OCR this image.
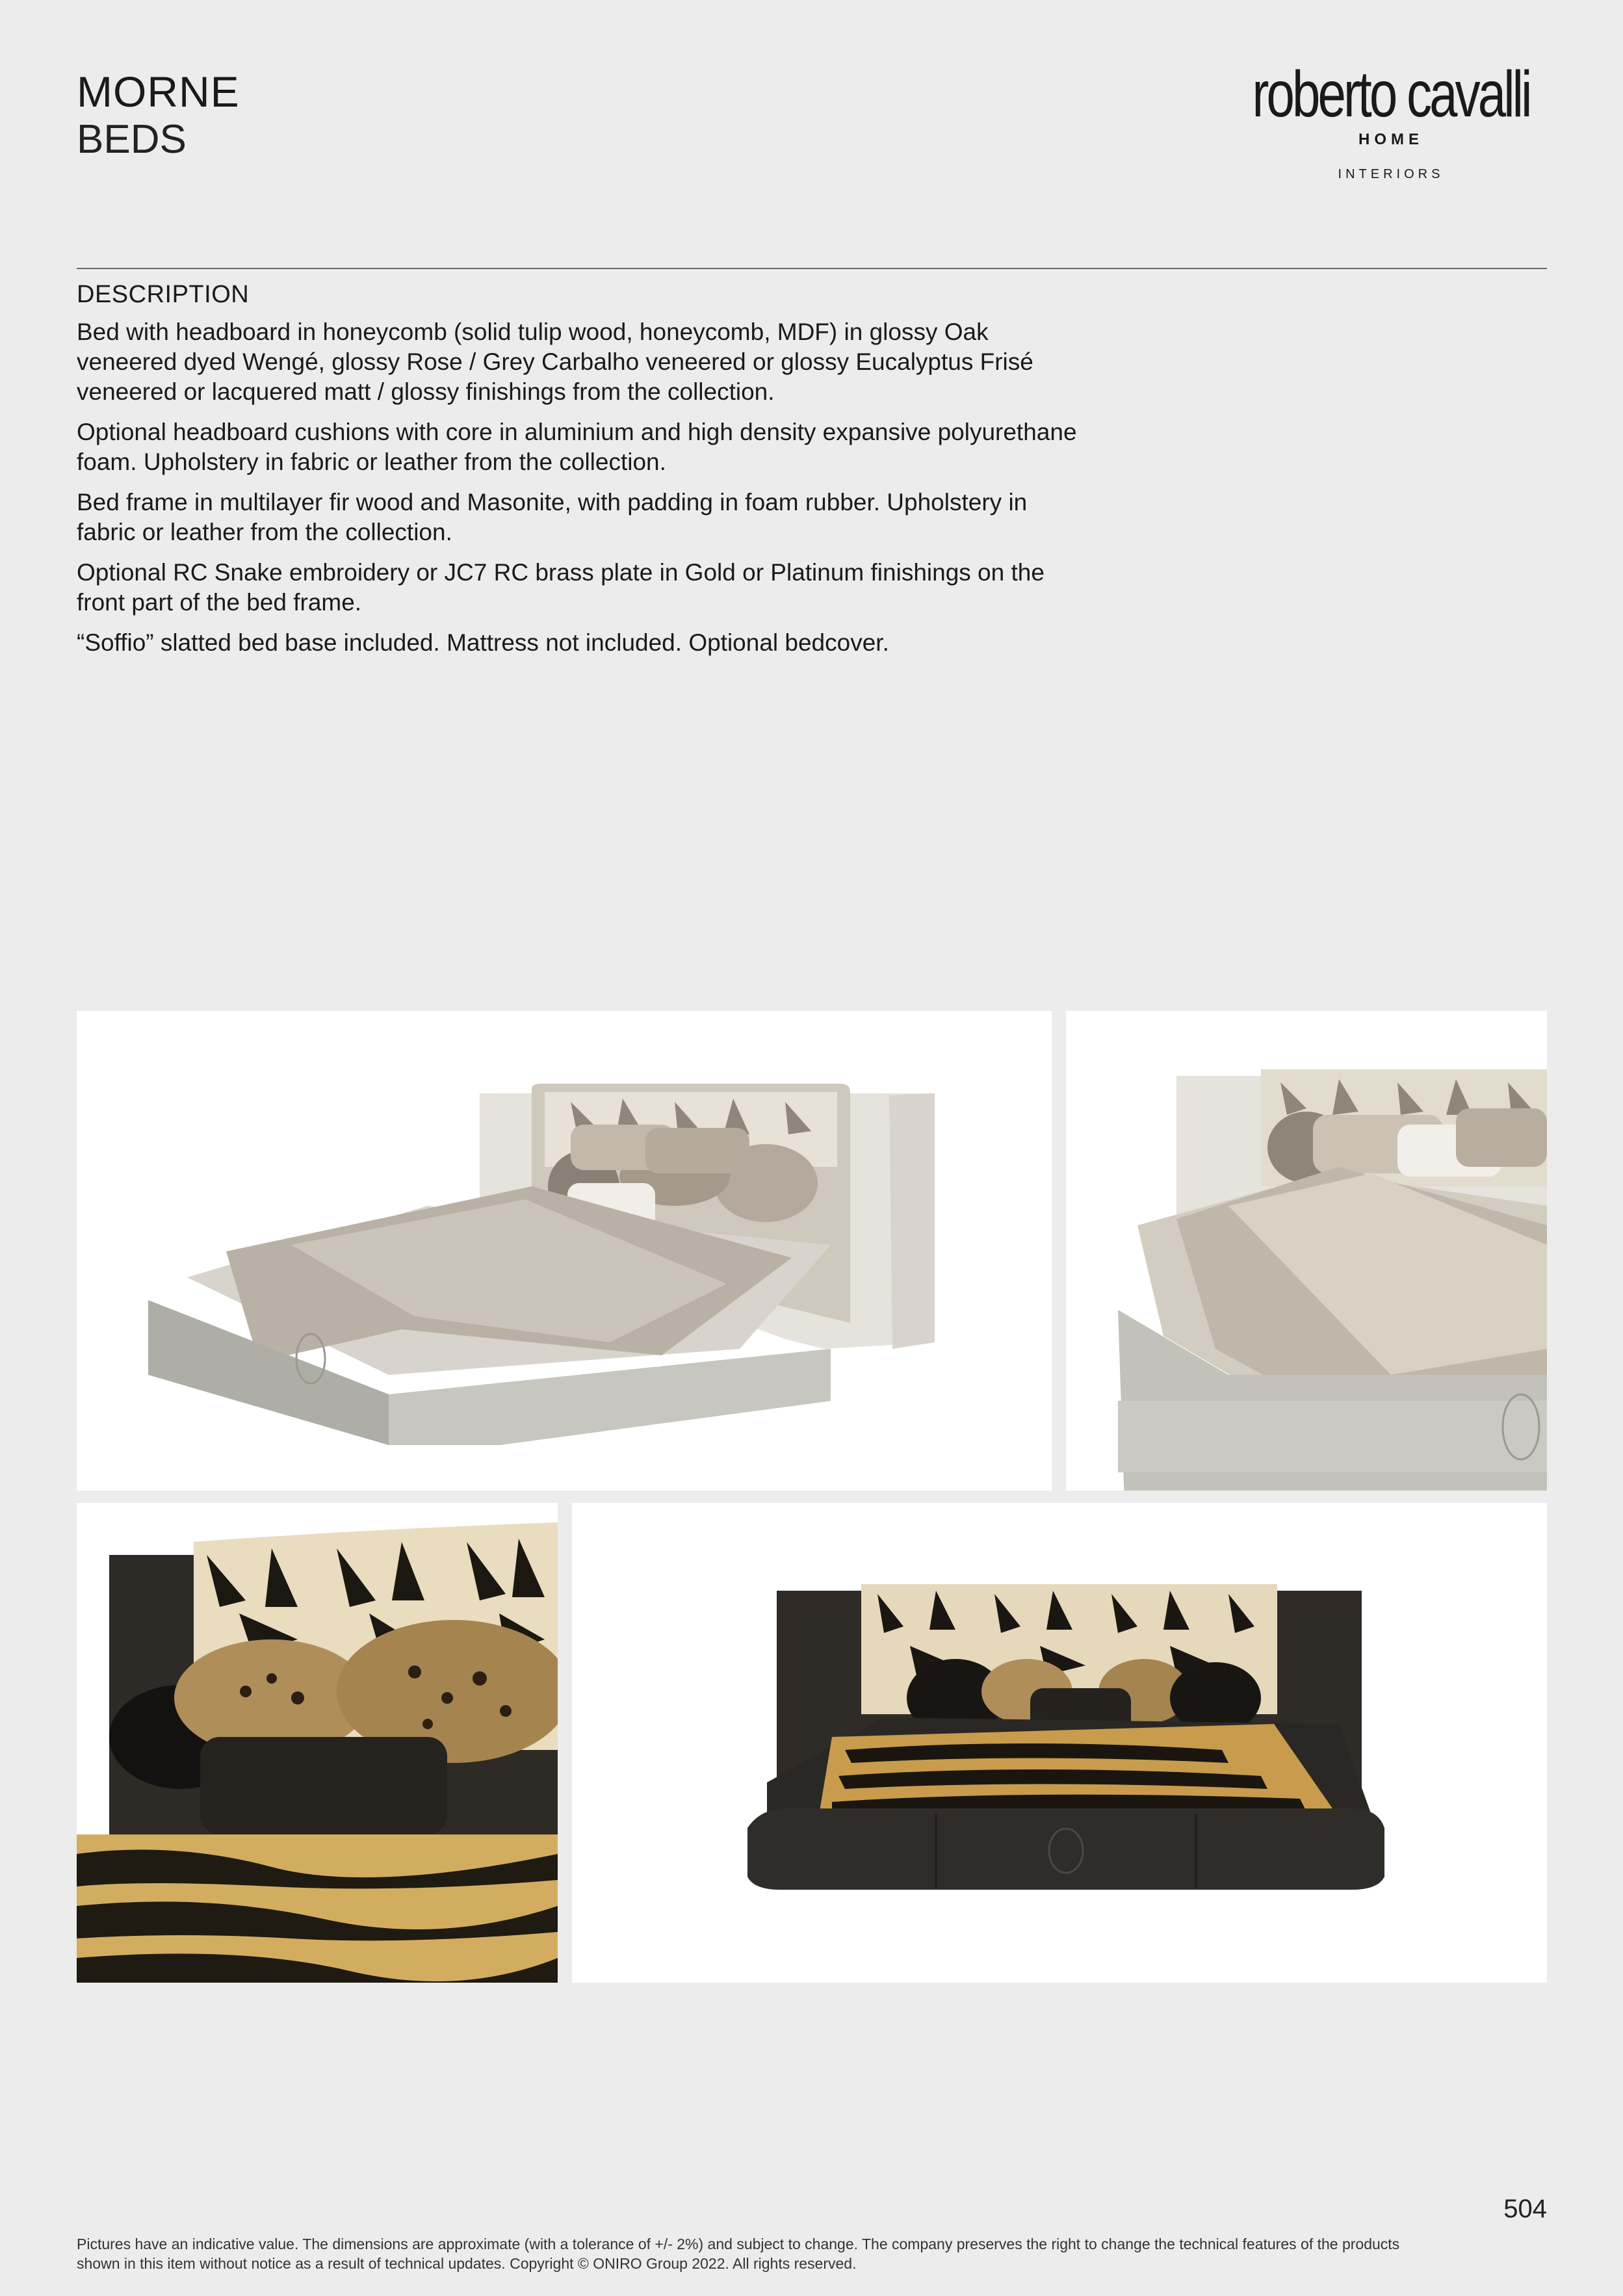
MORNE
BEDS
roberto cavalli
HOME
INTERIORS
DESCRIPTION

Bed with headboard in honeycomb (solid tulip wood, honeycomb, MDF) in glossy Oak veneered dyed Wengé, glossy Rose / Grey Carbalho veneered or glossy Eucalyptus Frisé veneered or lacquered matt / glossy finishings from the collection.

Optional headboard cushions with core in aluminium and high density expansive polyurethane foam. Upholstery in fabric or leather from the collection.

Bed frame in multilayer fir wood and Masonite, with padding in foam rubber. Upholstery in fabric or leather from the collection.

Optional RC Snake embroidery or JC7 RC brass plate in Gold or Platinum finishings on the front part of the bed frame.

“Soffio” slatted bed base included. Mattress not included. Optional bedcover.

504
Pictures have an indicative value. The dimensions are approximate (with a tolerance of +/- 2%) and subject to change. The company preserves the right to change the technical features of the products shown in this item without notice as a result of technical updates. Copyright © ONIRO Group 2022. All rights reserved.
